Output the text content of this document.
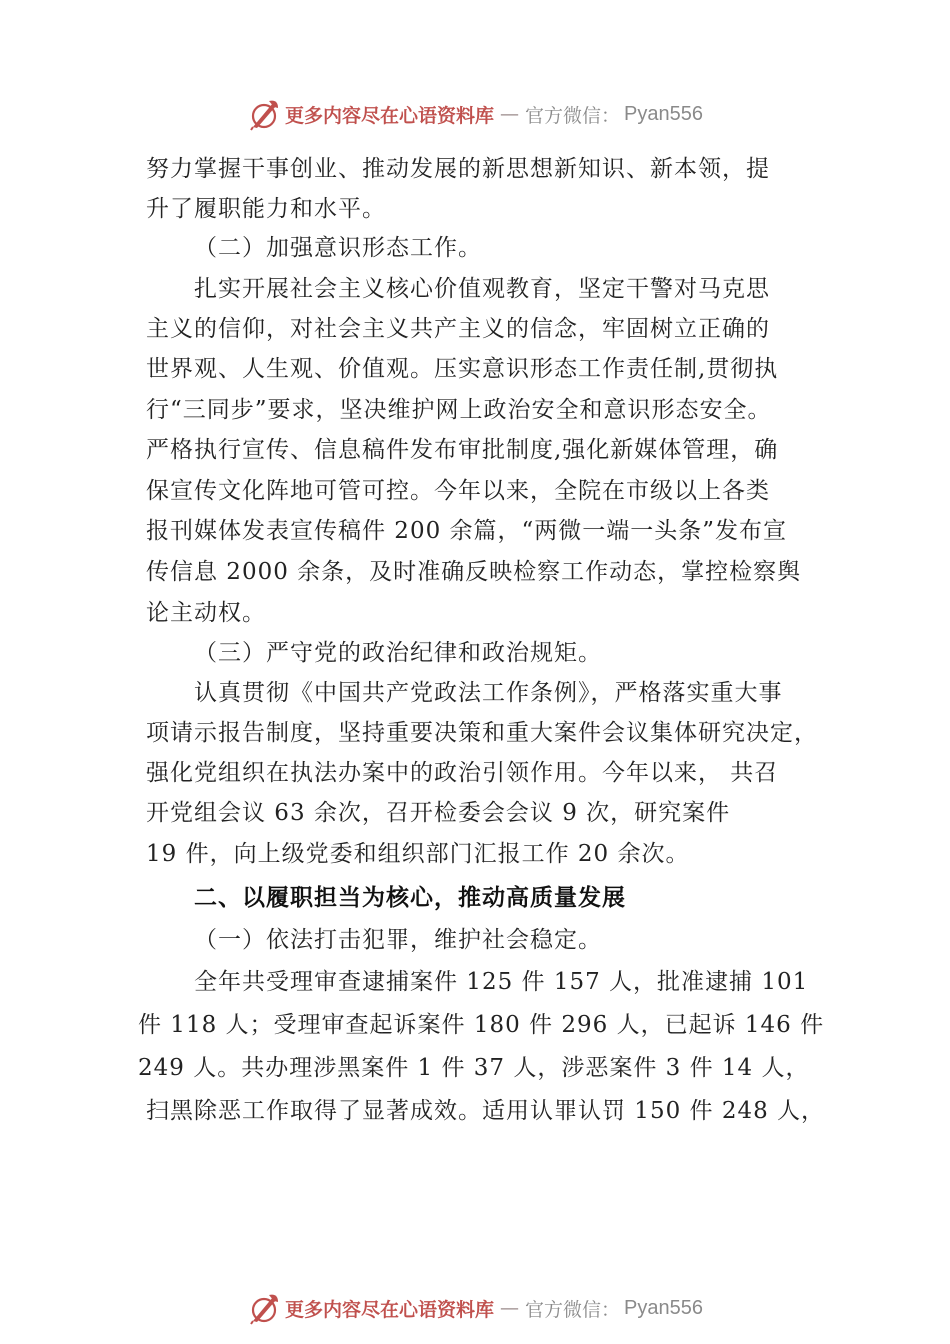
更多内容尽在心语资料库 — 官方微信： Pyan556
努力掌握干事创业、推动发展的新思想新知识、新本领，提
升了履职能力和水平。
（二）加强意识形态工作。
扎实开展社会主义核心价值观教育，坚定干警对马克思
主义的信仰，对社会主义共产主义的信念，牢固树立正确的
世界观、人生观、价值观。压实意识形态工作责任制,贯彻执
行“三同步”要求，坚决维护网上政治安全和意识形态安全。
严格执行宣传、信息稿件发布审批制度,强化新媒体管理，确
保宣传文化阵地可管可控。今年以来，全院在市级以上各类
报刊媒体发表宣传稿件 200 余篇，“两微一端一头条”发布宣
传信息 2000 余条，及时准确反映检察工作动态，掌控检察舆
论主动权。
（三）严守党的政治纪律和政治规矩。
认真贯彻《中国共产党政法工作条例》，严格落实重大事
项请示报告制度，坚持重要决策和重大案件会议集体研究决定，
强化党组织在执法办案中的政治引领作用。今年以来， 共召
开党组会议 63 余次，召开检委会会议 9 次，研究案件
19 件，向上级党委和组织部门汇报工作 20 余次。
二、以履职担当为核心，推动高质量发展
（一）依法打击犯罪，维护社会稳定。
全年共受理审查逮捕案件 125 件 157 人，批准逮捕 101
件 118 人；受理审查起诉案件 180 件 296 人，已起诉 146 件
249 人。共办理涉黑案件 1 件 37 人，涉恶案件 3 件 14 人，
扫黑除恶工作取得了显著成效。适用认罪认罚 150 件 248 人，
更多内容尽在心语资料库 — 官方微信： Pyan556
